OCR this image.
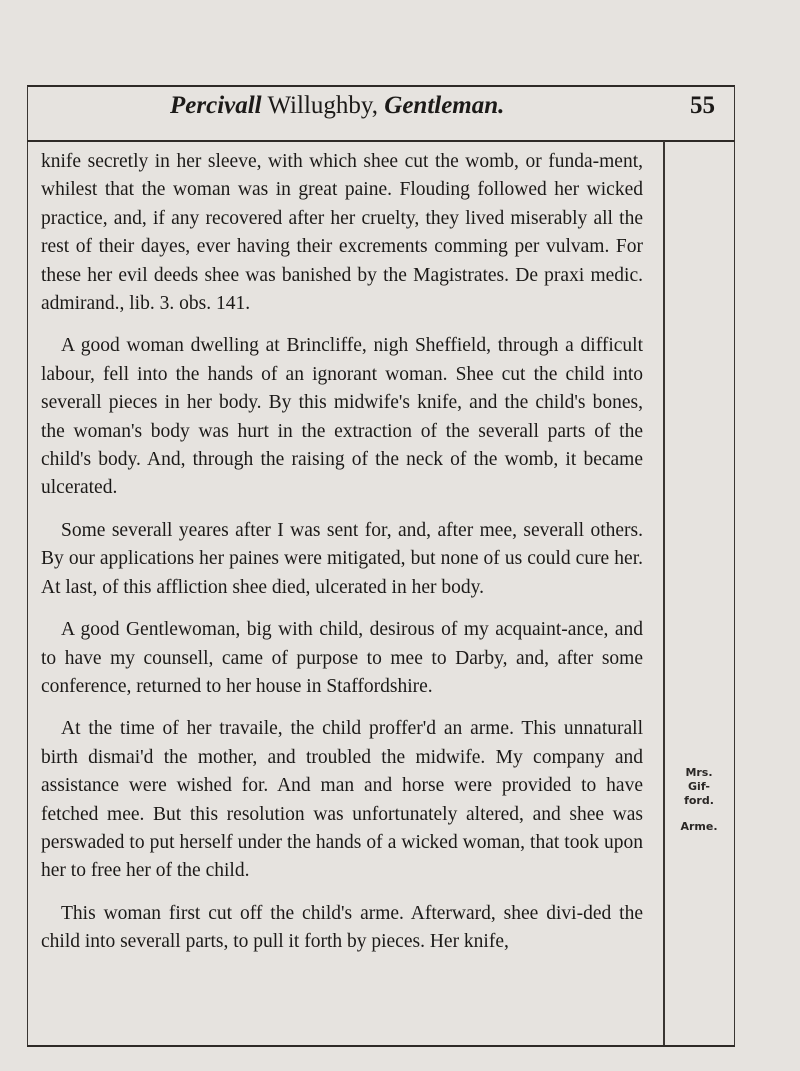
Percivall Willughby, Gentleman.	55

knife secretly in her sleeve, with which shee cut the womb, or funda-ment, whilest that the woman was in great paine. Flouding followed her wicked practice, and, if any recovered after her cruelty, they lived miserably all the rest of their dayes, ever having their excrements comming per vulvam. For these her evil deeds shee was banished by the Magistrates. De praxi medic. admirand., lib. 3. obs. 141.

A good woman dwelling at Brincliffe, nigh Sheffield, through a difficult labour, fell into the hands of an ignorant woman. Shee cut the child into severall pieces in her body. By this midwife's knife, and the child's bones, the woman's body was hurt in the extraction of the severall parts of the child's body. And, through the raising of the neck of the womb, it became ulcerated.

Some severall yeares after I was sent for, and, after mee, severall others. By our applications her paines were mitigated, but none of us could cure her. At last, of this affliction shee died, ulcerated in her body.

A good Gentlewoman, big with child, desirous of my acquaint-ance, and to have my counsell, came of purpose to mee to Darby, and, after some conference, returned to her house in Staffordshire.

At the time of her travaile, the child proffer'd an arme. This unnaturall birth dismai'd the mother, and troubled the midwife. My company and assistance were wished for. And man and horse were provided to have fetched mee. But this resolution was unfortunately altered, and shee was perswaded to put herself under the hands of a wicked woman, that took upon her to free her of the child.

This woman first cut off the child's arme. Afterward, shee divi-ded the child into severall parts, to pull it forth by pieces. Her knife,

Mrs.
Gif-
ford.
Arme.
